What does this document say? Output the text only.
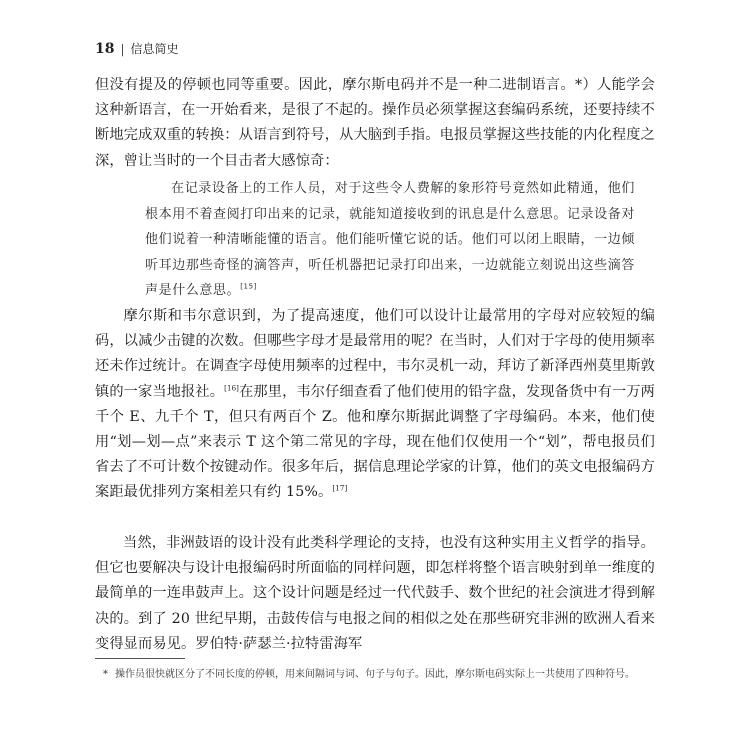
18 | 信息简史
但没有提及的停顿也同等重要。因此，摩尔斯电码并不是一种二进制语言。*）人能学会这种新语言，在一开始看来，是很了不起的。操作员必须掌握这套编码系统，还要持续不断地完成双重的转换：从语言到符号，从大脑到手指。电报员掌握这些技能的内化程度之深，曾让当时的一个目击者大感惊奇：
在记录设备上的工作人员，对于这些令人费解的象形符号竟然如此精通，他们根本用不着查阅打印出来的记录，就能知道接收到的讯息是什么意思。记录设备对他们说着一种清晰能懂的语言。他们能听懂它说的话。他们可以闭上眼睛，一边倾听耳边那些奇怪的滴答声，听任机器把记录打印出来，一边就能立刻说出这些滴答声是什么意思。[15]
摩尔斯和韦尔意识到，为了提高速度，他们可以设计让最常用的字母对应较短的编码，以减少击键的次数。但哪些字母才是最常用的呢？在当时，人们对于字母的使用频率还未作过统计。在调查字母使用频率的过程中，韦尔灵机一动，拜访了新泽西州莫里斯敦镇的一家当地报社。[16]在那里，韦尔仔细查看了他们使用的铅字盘，发现备货中有一万两千个 E、九千个 T，但只有两百个 Z。他和摩尔斯据此调整了字母编码。本来，他们使用“划—划—点”来表示 T 这个第二常见的字母，现在他们仅使用一个“划”，帮电报员们省去了不可计数个按键动作。很多年后，据信息理论学家的计算，他们的英文电报编码方案距最优排列方案相差只有约 15%。[17]
当然，非洲鼓语的设计没有此类科学理论的支持，也没有这种实用主义哲学的指导。但它也要解决与设计电报编码时所面临的同样问题，即怎样将整个语言映射到单一维度的最简单的一连串鼓声上。这个设计问题是经过一代代鼓手、数个世纪的社会演进才得到解决的。到了 20 世纪早期，击鼓传信与电报之间的相似之处在那些研究非洲的欧洲人看来变得显而易见。罗伯特·萨瑟兰·拉特雷海军
* 操作员很快就区分了不同长度的停顿，用来间隔词与词、句子与句子。因此，摩尔斯电码实际上一共使用了四种符号。
